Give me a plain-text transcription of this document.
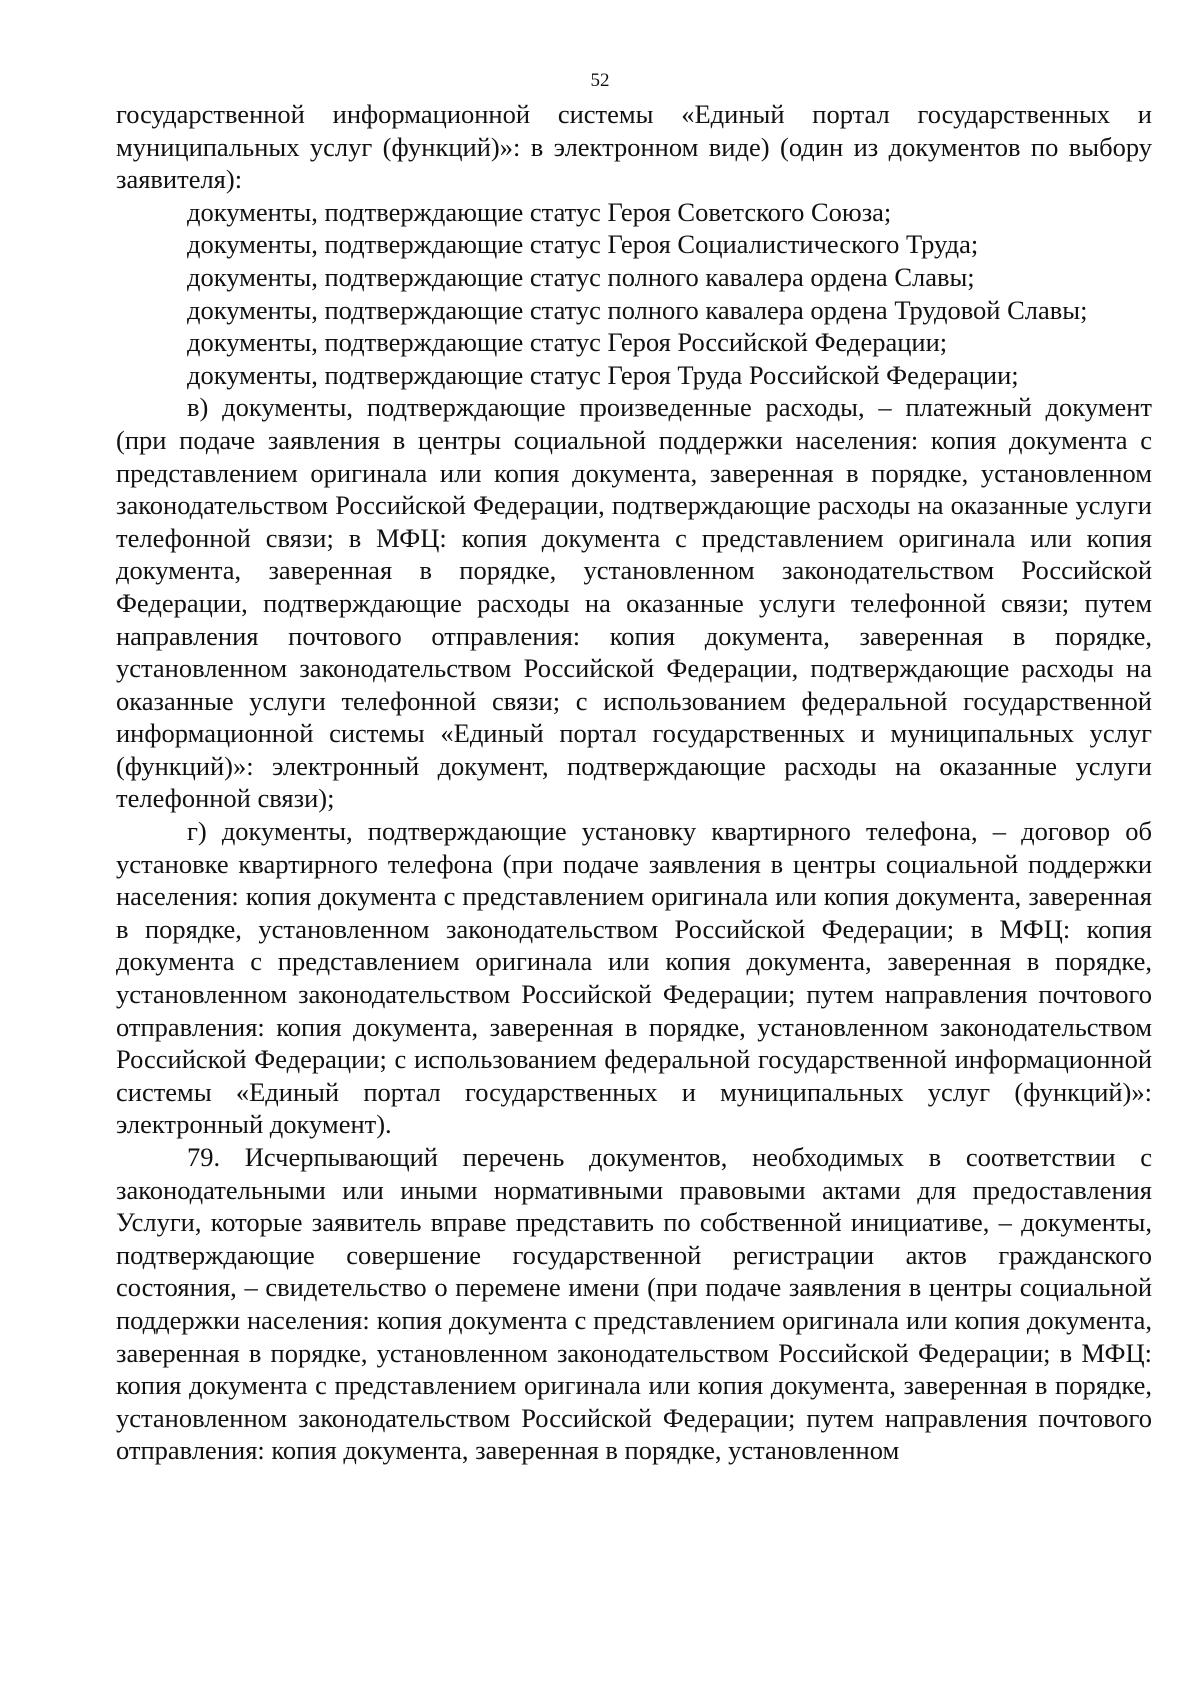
52

государственной информационной системы «Единый портал государственных и муниципальных услуг (функций)»: в электронном виде) (один из документов по выбору заявителя):

документы, подтверждающие статус Героя Советского Союза;

документы, подтверждающие статус Героя Социалистического Труда;

документы, подтверждающие статус полного кавалера ордена Славы;

документы, подтверждающие статус полного кавалера ордена Трудовой Славы;

документы, подтверждающие статус Героя Российской Федерации;

документы, подтверждающие статус Героя Труда Российской Федерации;

в) документы, подтверждающие произведенные расходы, – платежный документ (при подаче заявления в центры социальной поддержки населения: копия документа с представлением оригинала или копия документа, заверенная в порядке, установленном законодательством Российской Федерации, подтверждающие расходы на оказанные услуги телефонной связи; в МФЦ: копия документа с представлением оригинала или копия документа, заверенная в порядке, установленном законодательством Российской Федерации, подтверждающие расходы на оказанные услуги телефонной связи; путем направления почтового отправления: копия документа, заверенная в порядке, установленном законодательством Российской Федерации, подтверждающие расходы на оказанные услуги телефонной связи; с использованием федеральной государственной информационной системы «Единый портал государственных и муниципальных услуг (функций)»: электронный документ, подтверждающие расходы на оказанные услуги телефонной связи);

г) документы, подтверждающие установку квартирного телефона, – договор об установке квартирного телефона (при подаче заявления в центры социальной поддержки населения: копия документа с представлением оригинала или копия документа, заверенная в порядке, установленном законодательством Российской Федерации; в МФЦ: копия документа с представлением оригинала или копия документа, заверенная в порядке, установленном законодательством Российской Федерации; путем направления почтового отправления: копия документа, заверенная в порядке, установленном законодательством Российской Федерации; с использованием федеральной государственной информационной системы «Единый портал государственных и муниципальных услуг (функций)»: электронный документ).

79. Исчерпывающий перечень документов, необходимых в соответствии с законодательными или иными нормативными правовыми актами для предоставления Услуги, которые заявитель вправе представить по собственной инициативе, – документы, подтверждающие совершение государственной регистрации актов гражданского состояния, – свидетельство о перемене имени (при подаче заявления в центры социальной поддержки населения: копия документа с представлением оригинала или копия документа, заверенная в порядке, установленном законодательством Российской Федерации; в МФЦ: копия документа с представлением оригинала или копия документа, заверенная в порядке, установленном законодательством Российской Федерации; путем направления почтового отправления: копия документа, заверенная в порядке, установленном
